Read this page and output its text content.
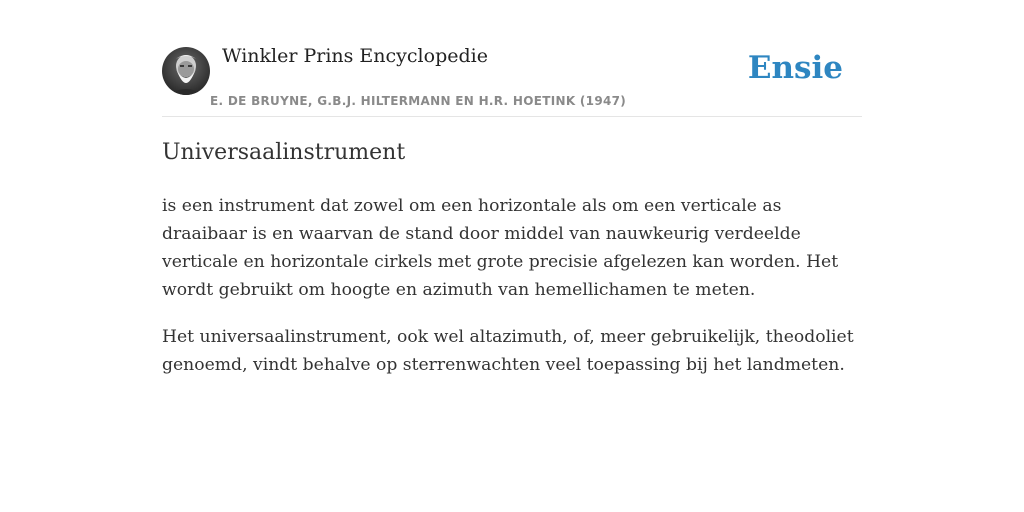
Winkler Prins Encyclopedie
E. DE BRUYNE, G.B.J. HILTERMANN EN H.R. HOETINK (1947)
Ensie
Universaalinstrument

is een instrument dat zowel om een horizontale als om een verticale as draaibaar is en waarvan de stand door middel van nauwkeurig verdeelde verticale en horizontale cirkels met grote precisie afgelezen kan worden. Het wordt gebruikt om hoogte en azimuth van hemellichamen te meten.

Het universaalinstrument, ook wel altazimuth, of, meer gebruikelijk, theodoliet genoemd, vindt behalve op sterrenwachten veel toepassing bij het landmeten.
